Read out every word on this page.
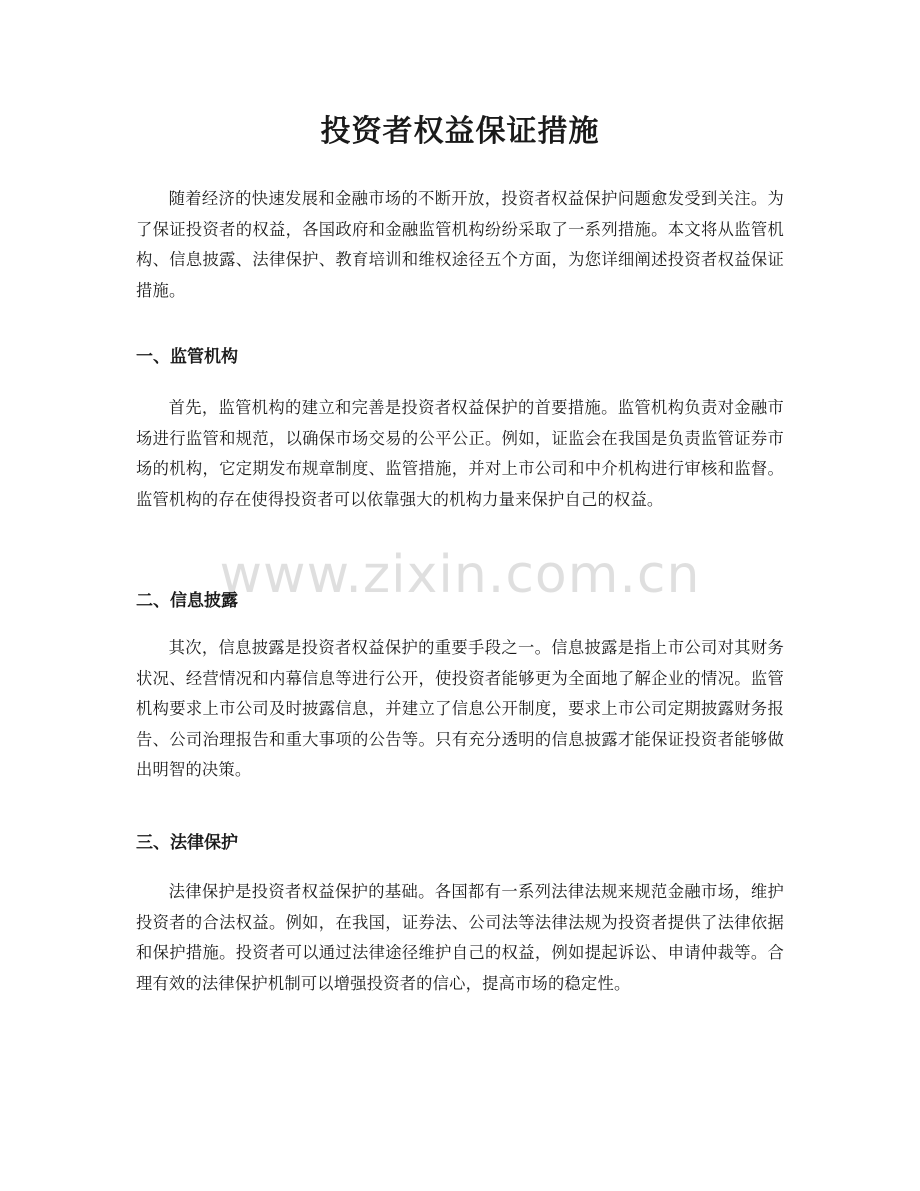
投资者权益保证措施

随着经济的快速发展和金融市场的不断开放，投资者权益保护问题愈发受到关注。为了保证投资者的权益，各国政府和金融监管机构纷纷采取了一系列措施。本文将从监管机构、信息披露、法律保护、教育培训和维权途径五个方面，为您详细阐述投资者权益保证措施。

一、监管机构

首先，监管机构的建立和完善是投资者权益保护的首要措施。监管机构负责对金融市场进行监管和规范，以确保市场交易的公平公正。例如，证监会在我国是负责监管证券市场的机构，它定期发布规章制度、监管措施，并对上市公司和中介机构进行审核和监督。监管机构的存在使得投资者可以依靠强大的机构力量来保护自己的权益。

二、信息披露

其次，信息披露是投资者权益保护的重要手段之一。信息披露是指上市公司对其财务状况、经营情况和内幕信息等进行公开，使投资者能够更为全面地了解企业的情况。监管机构要求上市公司及时披露信息，并建立了信息公开制度，要求上市公司定期披露财务报告、公司治理报告和重大事项的公告等。只有充分透明的信息披露才能保证投资者能够做出明智的决策。

三、法律保护

法律保护是投资者权益保护的基础。各国都有一系列法律法规来规范金融市场，维护投资者的合法权益。例如，在我国，证券法、公司法等法律法规为投资者提供了法律依据和保护措施。投资者可以通过法律途径维护自己的权益，例如提起诉讼、申请仲裁等。合理有效的法律保护机制可以增强投资者的信心，提高市场的稳定性。

www.zixin.com.cn
